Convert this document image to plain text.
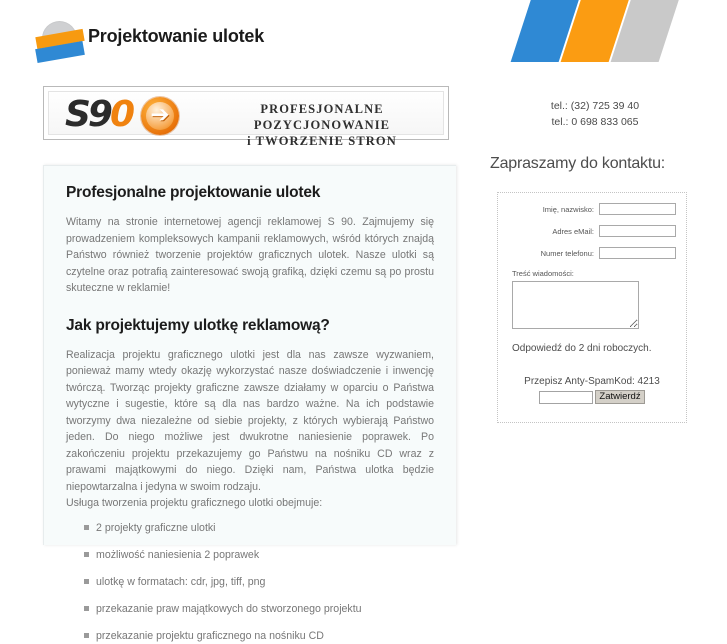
Projektowanie ulotek
S90 ➔	PROFESJONALNE POZYCJONOWANIE
i TWORZENIE STRON
tel.: (32) 725 39 40
tel.: 0 698 833 065
Profesjonalne projektowanie ulotek

Witamy na stronie internetowej agencji reklamowej S 90. Zajmujemy się prowadzeniem kompleksowych kampanii reklamowych, wśród których znajdą Państwo również tworzenie projektów graficznych ulotek. Nasze ulotki są czytelne oraz potrafią zainteresować swoją grafiką, dzięki czemu są po prostu skuteczne w reklamie!

Jak projektujemy ulotkę reklamową?

Realizacja projektu graficznego ulotki jest dla nas zawsze wyzwaniem, ponieważ mamy wtedy okazję wykorzystać nasze doświadczenie i inwencję twórczą. Tworząc projekty graficzne zawsze działamy w oparciu o Państwa wytyczne i sugestie, które są dla nas bardzo ważne. Na ich podstawie tworzymy dwa niezależne od siebie projekty, z których wybierają Państwo jeden. Do niego możliwe jest dwukrotne naniesienie poprawek. Po zakończeniu projektu przekazujemy go Państwu na nośniku CD wraz z prawami majątkowymi do niego. Dzięki nam, Państwa ulotka będzie niepowtarzalna i jedyna w swoim rodzaju.

Usługa tworzenia projektu graficznego ulotki obejmuje:

2 projekty graficzne ulotki
możliwość naniesienia 2 poprawek
ulotkę w formatach: cdr, jpg, tiff, png
przekazanie praw majątkowych do stworzonego projektu
przekazanie projektu graficznego na nośniku CD
Zapraszamy do kontaktu:
Imię, nazwisko:
Adres eMail:
Numer telefonu:
Treść wiadomości:
Odpowiedź do 2 dni roboczych.
Przepisz Anty-SpamKod: 4213
Zatwierdź
